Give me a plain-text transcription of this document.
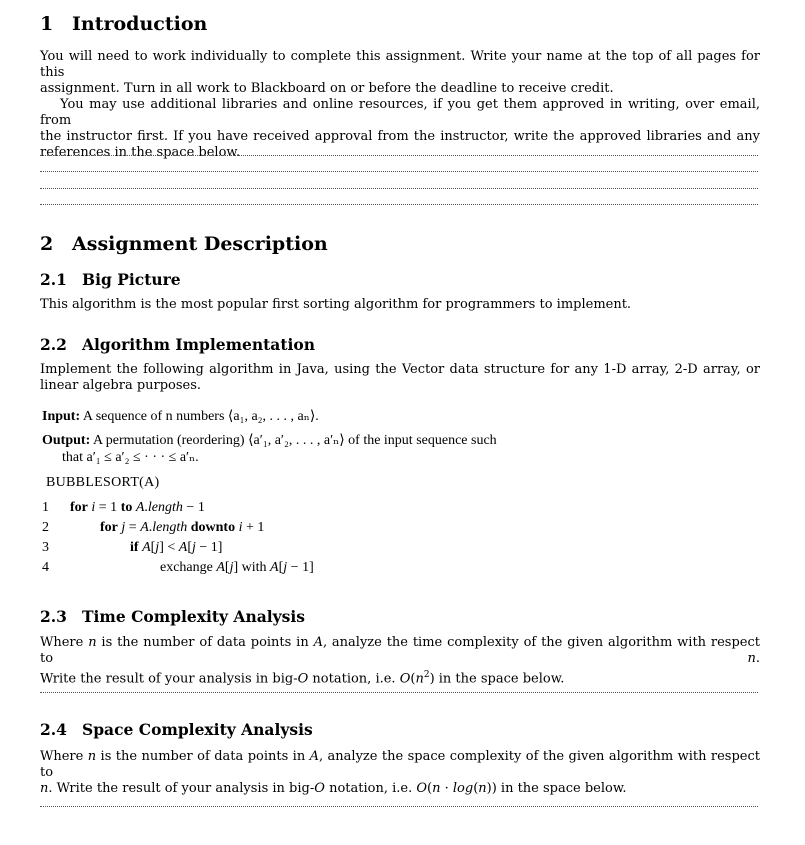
1 Introduction
You will need to work individually to complete this assignment. Write your name at the top of all pages for this
assignment. Turn in all work to Blackboard on or before the deadline to receive credit.
You may use additional libraries and online resources, if you get them approved in writing, over email, from
the instructor first. If you have received approval from the instructor, write the approved libraries and any
references in the space below.
2 Assignment Description
2.1 Big Picture
This algorithm is the most popular first sorting algorithm for programmers to implement.
2.2 Algorithm Implementation
Implement the following algorithm in Java, using the Vector data structure for any 1-D array, 2-D array, or
linear algebra purposes.
Input: A sequence of n numbers ⟨a₁, a₂, . . . , aₙ⟩.
Output: A permutation (reordering) ⟨a′₁, a′₂, . . . , a′ₙ⟩ of the input sequence such
that a′₁ ≤ a′₂ ≤ · · · ≤ a′ₙ.
BUBBLESORT(A)
1	for i = 1 to A.length − 1
2	for j = A.length downto i + 1
3	if A[j] < A[j − 1]
4	exchange A[j] with A[j − 1]
2.3 Time Complexity Analysis
Where n is the number of data points in A, analyze the time complexity of the given algorithm with respect to n.
Write the result of your analysis in big-O notation, i.e. $O(n^2)$ in the space below.
2.4 Space Complexity Analysis
Where n is the number of data points in A, analyze the space complexity of the given algorithm with respect to
n. Write the result of your analysis in big-O notation, i.e. O(n · log(n)) in the space below.
